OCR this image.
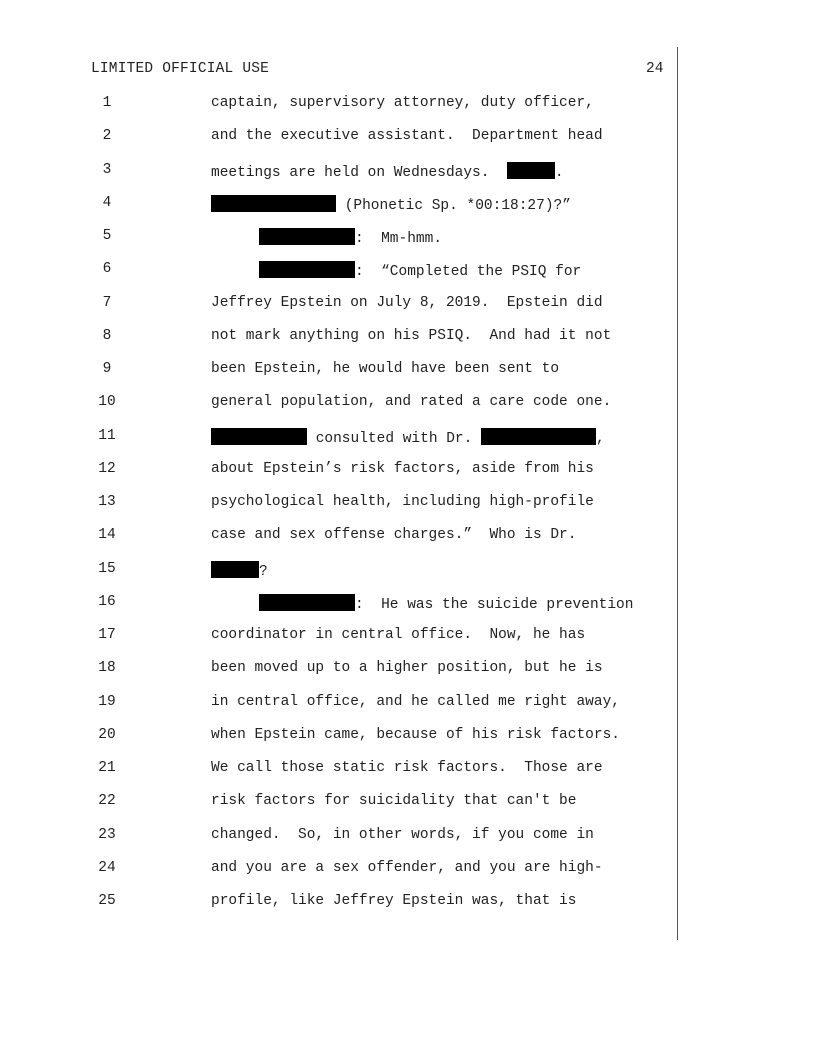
LIMITED OFFICIAL USE	24
1	captain, supervisory attorney, duty officer,
2	and the executive assistant.  Department head
3	meetings are held on Wednesdays.	.
4	(Phonetic Sp. *00:18:27)?”
5	:  Mm-hmm.
6	:  “Completed the PSIQ for
7	Jeffrey Epstein on July 8, 2019.  Epstein did
8	not mark anything on his PSIQ.  And had it not
9	been Epstein, he would have been sent to
10	general population, and rated a care code one.
11	consulted with Dr.	,
12	about Epstein’s risk factors, aside from his
13	psychological health, including high-profile
14	case and sex offense charges.”  Who is Dr.
15	?
16	:  He was the suicide prevention
17	coordinator in central office.  Now, he has
18	been moved up to a higher position, but he is
19	in central office, and he called me right away,
20	when Epstein came, because of his risk factors.
21	We call those static risk factors.  Those are
22	risk factors for suicidality that can't be
23	changed.  So, in other words, if you come in
24	and you are a sex offender, and you are high-
25	profile, like Jeffrey Epstein was, that is
